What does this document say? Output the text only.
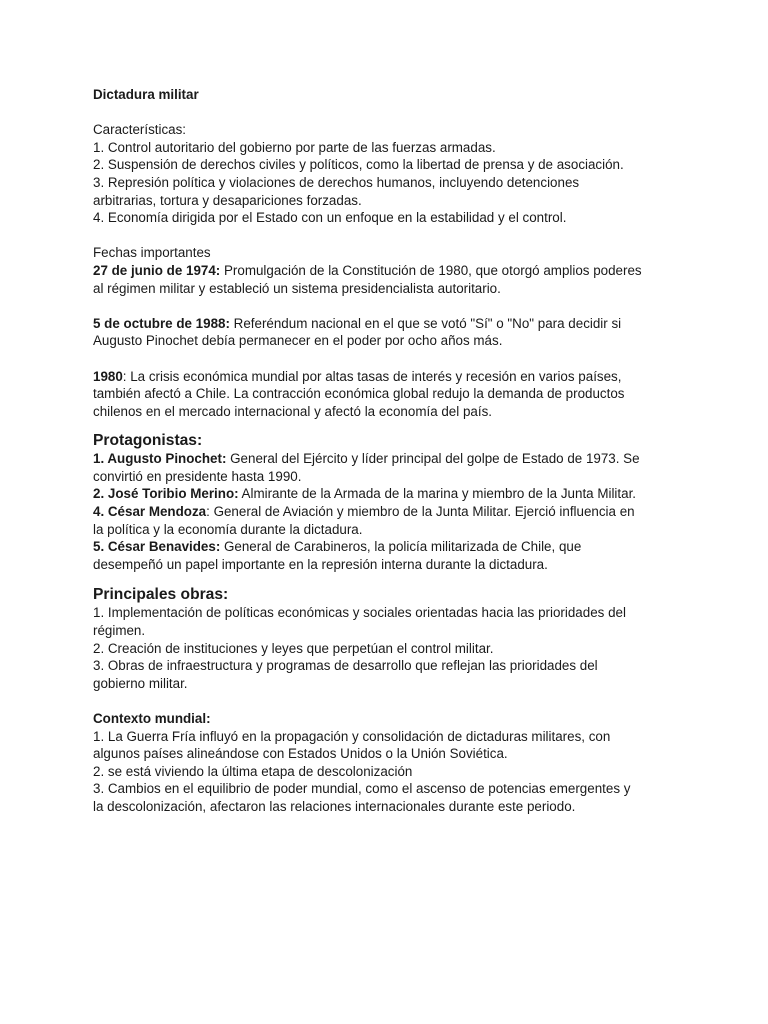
Dictadura militar
Características:
1. Control autoritario del gobierno por parte de las fuerzas armadas.
2. Suspensión de derechos civiles y políticos, como la libertad de prensa y de asociación.
3. Represión política y violaciones de derechos humanos, incluyendo detenciones
arbitrarias, tortura y desapariciones forzadas.
4. Economía dirigida por el Estado con un enfoque en la estabilidad y el control.
Fechas importantes
27 de junio de 1974: Promulgación de la Constitución de 1980, que otorgó amplios poderes
al régimen militar y estableció un sistema presidencialista autoritario.
5 de octubre de 1988: Referéndum nacional en el que se votó "Sí" o "No" para decidir si
Augusto Pinochet debía permanecer en el poder por ocho años más.
1980: La crisis económica mundial por altas tasas de interés y recesión en varios países,
también afectó a Chile. La contracción económica global redujo la demanda de productos
chilenos en el mercado internacional y afectó la economía del país.
Protagonistas:
1. Augusto Pinochet: General del Ejército y líder principal del golpe de Estado de 1973. Se
convirtió en presidente hasta 1990.
2. José Toribio Merino: Almirante de la Armada de la marina y miembro de la Junta Militar.
4. César Mendoza: General de Aviación y miembro de la Junta Militar. Ejerció influencia en
la política y la economía durante la dictadura.
5. César Benavides: General de Carabineros, la policía militarizada de Chile, que
desempeñó un papel importante en la represión interna durante la dictadura.
Principales obras:
1. Implementación de políticas económicas y sociales orientadas hacia las prioridades del
régimen.
2. Creación de instituciones y leyes que perpetúan el control militar.
3. Obras de infraestructura y programas de desarrollo que reflejan las prioridades del
gobierno militar.
Contexto mundial:
1. La Guerra Fría influyó en la propagación y consolidación de dictaduras militares, con
algunos países alineándose con Estados Unidos o la Unión Soviética.
2. se está viviendo la última etapa de descolonización
3. Cambios en el equilibrio de poder mundial, como el ascenso de potencias emergentes y
la descolonización, afectaron las relaciones internacionales durante este periodo.
